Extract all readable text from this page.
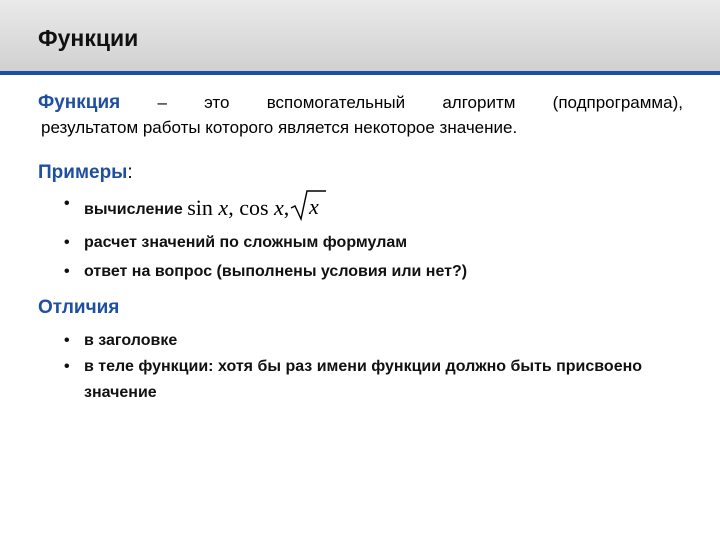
Функции
Функция – это вспомогательный алгоритм (подпрограмма),
результатом работы которого является некоторое значение.
Примеры:
• вычисление sin x, cos x, x
• расчет значений по сложным формулам
• ответ на вопрос (выполнены условия или нет?)
Отличия
• в заголовке
• в теле функции: хотя бы раз имени функции должно быть присвоено значение
